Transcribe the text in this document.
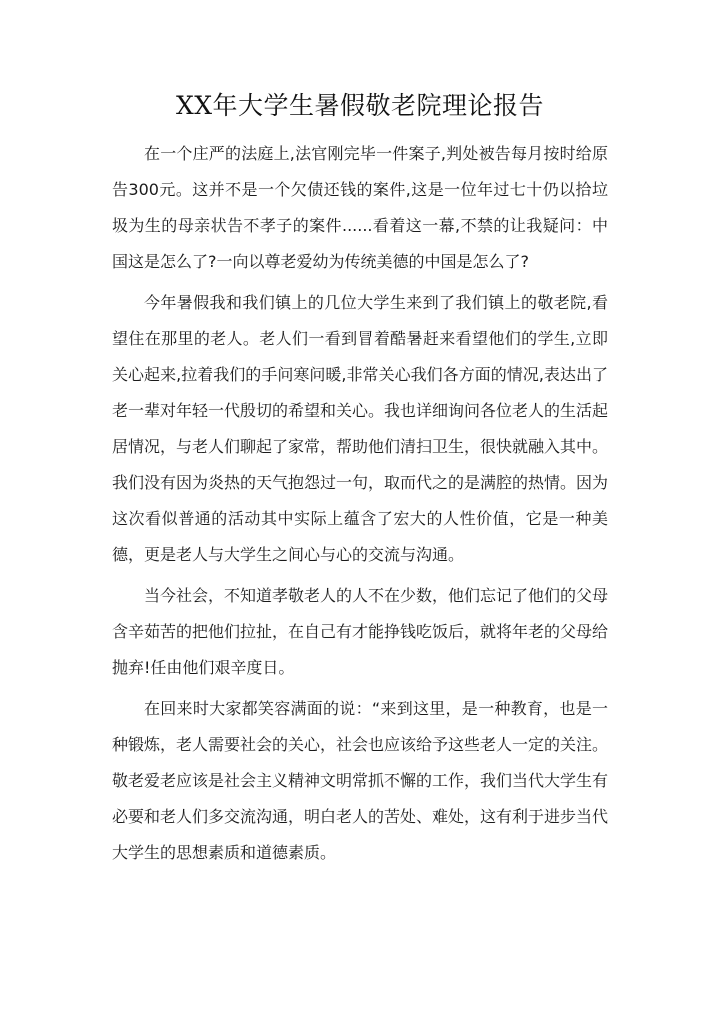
XX年大学生暑假敬老院理论报告

在一个庄严的法庭上,法官刚完毕一件案子,判处被告每月按时给原告300元。这并不是一个欠债还钱的案件,这是一位年过七十仍以拾垃圾为生的母亲状告不孝子的案件......看着这一幕,不禁的让我疑问：中国这是怎么了?一向以尊老爱幼为传统美德的中国是怎么了?

今年暑假我和我们镇上的几位大学生来到了我们镇上的敬老院,看望住在那里的老人。老人们一看到冒着酷暑赶来看望他们的学生,立即关心起来,拉着我们的手问寒问暖,非常关心我们各方面的情况,表达出了老一辈对年轻一代殷切的希望和关心。我也详细询问各位老人的生活起居情况，与老人们聊起了家常，帮助他们清扫卫生，很快就融入其中。我们没有因为炎热的天气抱怨过一句，取而代之的是满腔的热情。因为这次看似普通的活动其中实际上蕴含了宏大的人性价值，它是一种美德，更是老人与大学生之间心与心的交流与沟通。

当今社会，不知道孝敬老人的人不在少数，他们忘记了他们的父母含辛茹苦的把他们拉扯，在自己有才能挣钱吃饭后，就将年老的父母给抛弃!任由他们艰辛度日。

在回来时大家都笑容满面的说：“来到这里，是一种教育，也是一种锻炼，老人需要社会的关心，社会也应该给予这些老人一定的关注。敬老爱老应该是社会主义精神文明常抓不懈的工作，我们当代大学生有必要和老人们多交流沟通，明白老人的苦处、难处，这有利于进步当代大学生的思想素质和道德素质。
